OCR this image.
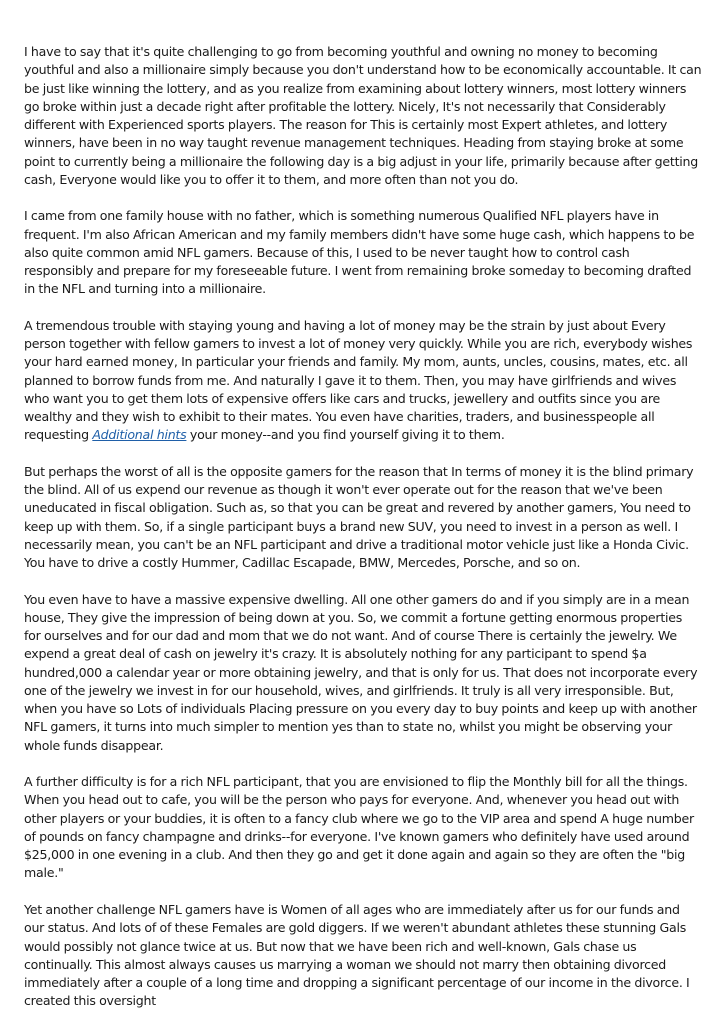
I have to say that it's quite challenging to go from becoming youthful and owning no money to becoming youthful and also a millionaire simply because you don't understand how to be economically accountable. It can be just like winning the lottery, and as you realize from examining about lottery winners, most lottery winners go broke within just a decade right after profitable the lottery. Nicely, It's not necessarily that Considerably different with Experienced sports players. The reason for This is certainly most Expert athletes, and lottery winners, have been in no way taught revenue management techniques. Heading from staying broke at some point to currently being a millionaire the following day is a big adjust in your life, primarily because after getting cash, Everyone would like you to offer it to them, and more often than not you do.

I came from one family house with no father, which is something numerous Qualified NFL players have in frequent. I'm also African American and my family members didn't have some huge cash, which happens to be also quite common amid NFL gamers. Because of this, I used to be never taught how to control cash responsibly and prepare for my foreseeable future. I went from remaining broke someday to becoming drafted in the NFL and turning into a millionaire.

A tremendous trouble with staying young and having a lot of money may be the strain by just about Every person together with fellow gamers to invest a lot of money very quickly. While you are rich, everybody wishes your hard earned money, In particular your friends and family. My mom, aunts, uncles, cousins, mates, etc. all planned to borrow funds from me. And naturally I gave it to them. Then, you may have girlfriends and wives who want you to get them lots of expensive offers like cars and trucks, jewellery and outfits since you are wealthy and they wish to exhibit to their mates. You even have charities, traders, and businesspeople all requesting Additional hints your money--and you find yourself giving it to them.

But perhaps the worst of all is the opposite gamers for the reason that In terms of money it is the blind primary the blind. All of us expend our revenue as though it won't ever operate out for the reason that we've been uneducated in fiscal obligation. Such as, so that you can be great and revered by another gamers, You need to keep up with them. So, if a single participant buys a brand new SUV, you need to invest in a person as well. I necessarily mean, you can't be an NFL participant and drive a traditional motor vehicle just like a Honda Civic. You have to drive a costly Hummer, Cadillac Escapade, BMW, Mercedes, Porsche, and so on.

You even have to have a massive expensive dwelling. All one other gamers do and if you simply are in a mean house, They give the impression of being down at you. So, we commit a fortune getting enormous properties for ourselves and for our dad and mom that we do not want. And of course There is certainly the jewelry. We expend a great deal of cash on jewelry it's crazy. It is absolutely nothing for any participant to spend $a hundred,000 a calendar year or more obtaining jewelry, and that is only for us. That does not incorporate every one of the jewelry we invest in for our household, wives, and girlfriends. It truly is all very irresponsible. But, when you have so Lots of individuals Placing pressure on you every day to buy points and keep up with another NFL gamers, it turns into much simpler to mention yes than to state no, whilst you might be observing your whole funds disappear.

A further difficulty is for a rich NFL participant, that you are envisioned to flip the Monthly bill for all the things. When you head out to cafe, you will be the person who pays for everyone. And, whenever you head out with other players or your buddies, it is often to a fancy club where we go to the VIP area and spend A huge number of pounds on fancy champagne and drinks--for everyone. I've known gamers who definitely have used around $25,000 in one evening in a club. And then they go and get it done again and again so they are often the "big male."

Yet another challenge NFL gamers have is Women of all ages who are immediately after us for our funds and our status. And lots of of these Females are gold diggers. If we weren't abundant athletes these stunning Gals would possibly not glance twice at us. But now that we have been rich and well-known, Gals chase us continually. This almost always causes us marrying a woman we should not marry then obtaining divorced immediately after a couple of a long time and dropping a significant percentage of our income in the divorce. I created this oversight
